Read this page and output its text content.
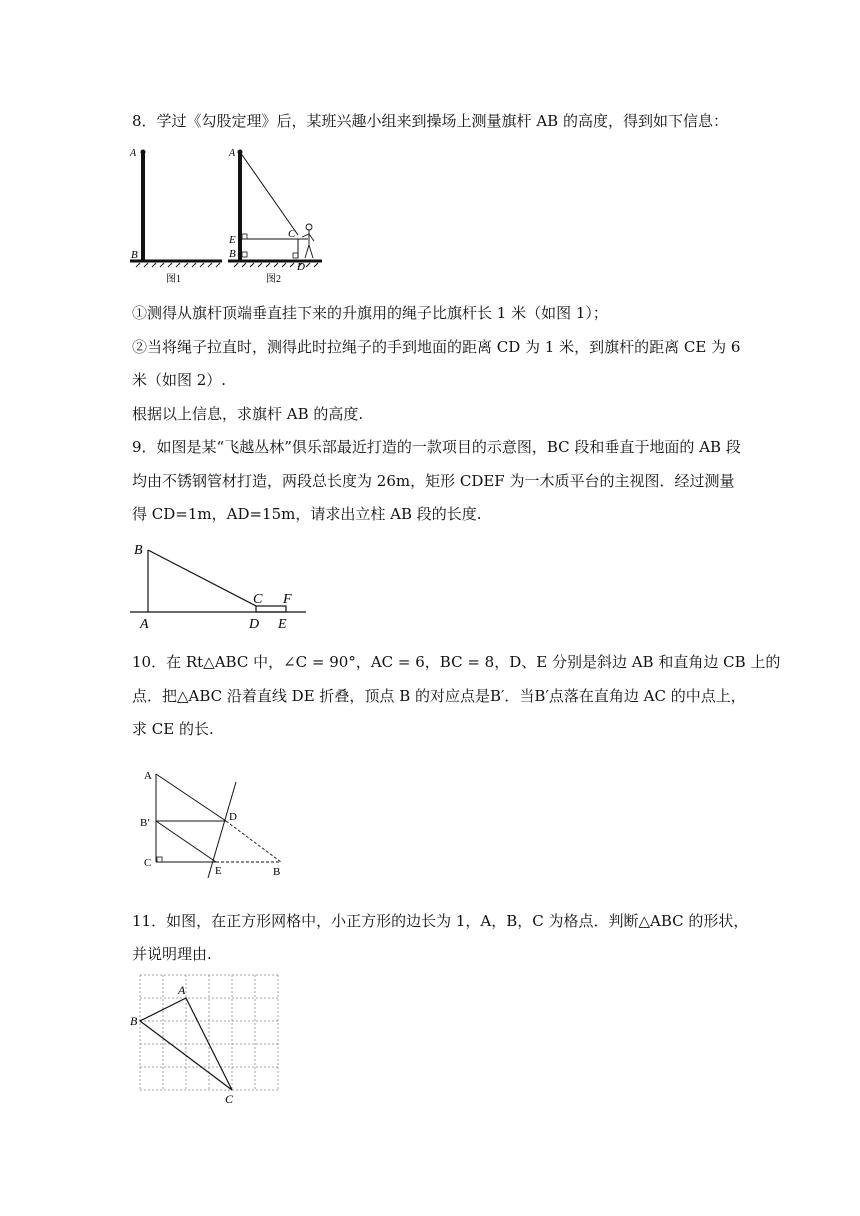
8．学过《勾股定理》后，某班兴趣小组来到操场上测量旗杆 AB 的高度，得到如下信息：
A
B
图1
A
E
B
C
D
图2
①测得从旗杆顶端垂直挂下来的升旗用的绳子比旗杆长 1 米（如图 1）；
②当将绳子拉直时，测得此时拉绳子的手到地面的距离 CD 为 1 米，到旗杆的距离 CE 为 6
米（如图 2）.
根据以上信息，求旗杆 AB 的高度.
9．如图是某“飞越丛林”俱乐部最近打造的一款项目的示意图，BC 段和垂直于地面的 AB 段
均由不锈钢管材打造，两段总长度为 26m，矩形 CDEF 为一木质平台的主视图．经过测量
得 CD=1m，AD=15m，请求出立柱 AB 段的长度.
B
C F
A	D E
10．在 Rt△ABC 中，∠C = 90°，AC = 6，BC = 8，D、E 分别是斜边 AB 和直角边 CB 上的
点．把△ABC 沿着直线 DE 折叠，顶点 B 的对应点是B′．当B′点落在直角边 AC 的中点上，
求 CE 的长.
A
B′
C
D
E	B
11．如图，在正方形网格中，小正方形的边长为 1，A，B，C 为格点．判断△ABC 的形状，
并说明理由.
A
B
C
